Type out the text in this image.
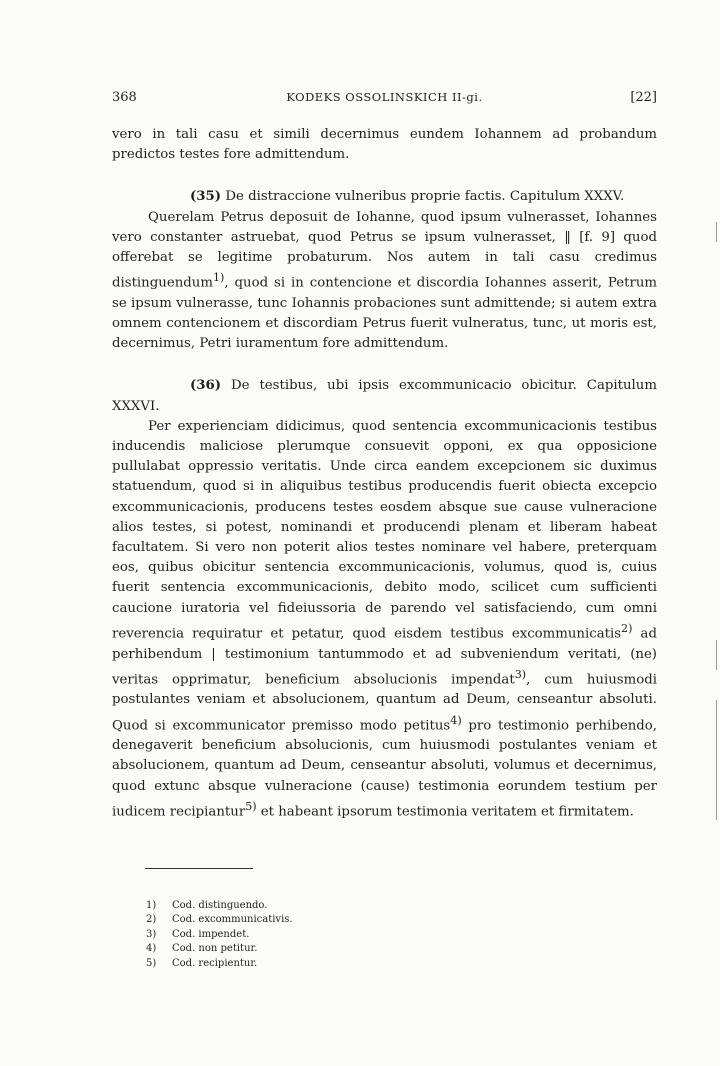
368	KODEKS OSSOLINSKICH II-gi.	[22]

vero in tali casu et simili decernimus eundem Iohannem ad probandum predictos testes fore admittendum.

(35) De distraccione vulneribus proprie factis. Capitulum XXXV.

Querelam Petrus deposuit de Iohanne, quod ipsum vulnerasset, Iohannes vero constanter astruebat, quod Petrus se ipsum vulnerasset, ‖ [f. 9] quod offerebat se legitime probaturum. Nos autem in tali casu credimus distinguendum$^{1)}$, quod si in contencione et discordia Iohannes asserit, Petrum se ipsum vulnerasse, tunc Iohannis probaciones sunt admittende; si autem extra omnem contencionem et discordiam Petrus fuerit vulneratus, tunc, ut moris est, decernimus, Petri iuramentum fore admittendum.

(36) De testibus, ubi ipsis excommunicacio obicitur. Capitulum XXXVI.

Per experienciam didicimus, quod sentencia excommunicacionis testibus inducendis maliciose plerumque consuevit opponi, ex qua opposicione pullulabat oppressio veritatis. Unde circa eandem excepcionem sic duximus statuendum, quod si in aliquibus testibus producendis fuerit obiecta excepcio excommunicacionis, producens testes eosdem absque sue cause vulneracione alios testes, si potest, nominandi et producendi plenam et liberam habeat facultatem. Si vero non poterit alios testes nominare vel habere, preterquam eos, quibus obicitur sentencia excommunicacionis, volumus, quod is, cuius fuerit sentencia excommunicacionis, debito modo, scilicet cum sufficienti caucione iuratoria vel fideiussoria de parendo vel satisfaciendo, cum omni reverencia requiratur et petatur, quod eisdem testibus excommunicatis$^{2)}$ ad perhibendum | testimonium tantummodo et ad subveniendum veritati, (ne) veritas opprimatur, beneficium absolucionis impendat$^{3)}$, cum huiusmodi postulantes veniam et absolucionem, quantum ad Deum, censeantur absoluti. Quod si excommunicator premisso modo petitus$^{4)}$ pro testimonio perhibendo, denegaverit beneficium absolucionis, cum huiusmodi postulantes veniam et absolucionem, quantum ad Deum, censeantur absoluti, volumus et decernimus, quod extunc absque vulneracione (cause) testimonia eorundem testium per iudicem recipiantur$^{5)}$ et habeant ipsorum testimonia veritatem et firmitatem.

1) Cod. distinguendo.
2) Cod. excommunicativis.
3) Cod. impendet.
4) Cod. non petitur.
5) Cod. recipientur.
